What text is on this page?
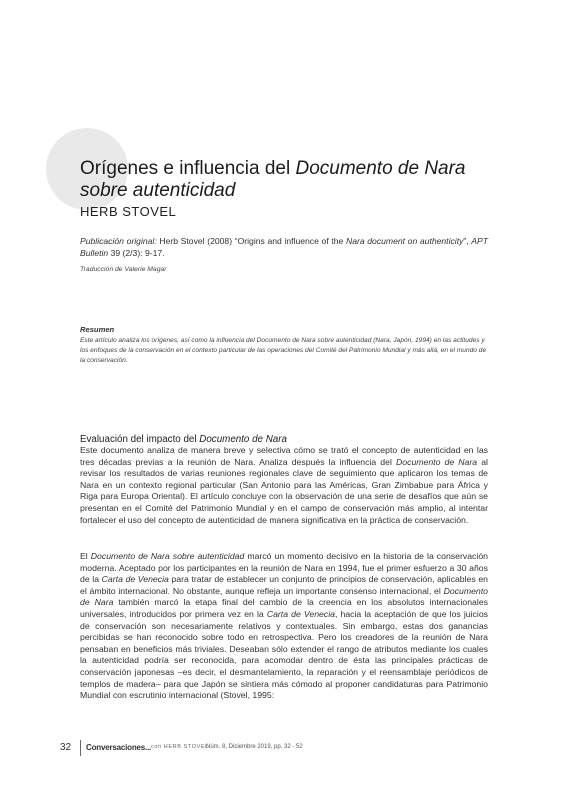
Orígenes e influencia del Documento de Nara
sobre autenticidad
HERB STOVEL
Publicación original: Herb Stovel (2008) “Origins and influence of the Nara document on authenticity”, APT Bulletin 39 (2/3): 9-17.
Traducción de Valerie Magar
Resumen

Este artículo analiza los orígenes, así como la influencia del Documento de Nara sobre autenticidad (Nara, Japón, 1994) en las actitudes y los enfoques de la conservación en el contexto particular de las operaciones del Comité del Patrimonio Mundial y más allá, en el mundo de la conservación.

Evaluación del impacto del Documento de Nara

Este documento analiza de manera breve y selectiva cómo se trató el concepto de autenticidad en las tres décadas previas a la reunión de Nara. Analiza después la influencia del Documento de Nara al revisar los resultados de varias reuniones regionales clave de seguimiento que aplicaron los temas de Nara en un contexto regional particular (San Antonio para las Américas, Gran Zimbabue para África y Riga para Europa Oriental). El artículo concluye con la observación de una serie de desafíos que aún se presentan en el Comité del Patrimonio Mundial y en el campo de conservación más amplio, al intentar fortalecer el uso del concepto de autenticidad de manera significativa en la práctica de conservación.

El Documento de Nara sobre autenticidad marcó un momento decisivo en la historia de la conservación moderna. Aceptado por los participantes en la reunión de Nara en 1994, fue el primer esfuerzo a 30 años de la Carta de Venecia para tratar de establecer un conjunto de principios de conservación, aplicables en el ámbito internacional. No obstante, aunque refleja un importante consenso internacional, el Documento de Nara también marcó la etapa final del cambio de la creencia en los absolutos internacionales universales, introducidos por primera vez en la Carta de Venecia, hacia la aceptación de que los juicios de conservación son necesariamente relativos y contextuales. Sin embargo, estas dos ganancias percibidas se han reconocido sobre todo en retrospectiva. Pero los creadores de la reunión de Nara pensaban en beneficios más triviales. Deseaban sólo extender el rango de atributos mediante los cuales la autenticidad podría ser reconocida, para acomodar dentro de ésta las principales prácticas de conservación japonesas –es decir, el desmantelamiento, la reparación y el reensamblaje periódicos de templos de madera– para que Japón se sintiera más cómodo al proponer candidaturas para Patrimonio Mundial con escrutinio internacional (Stovel, 1995:

32 Conversaciones... con HERB STOVEL
Núm. 8, Diciembre 2019, pp. 32 - 52
